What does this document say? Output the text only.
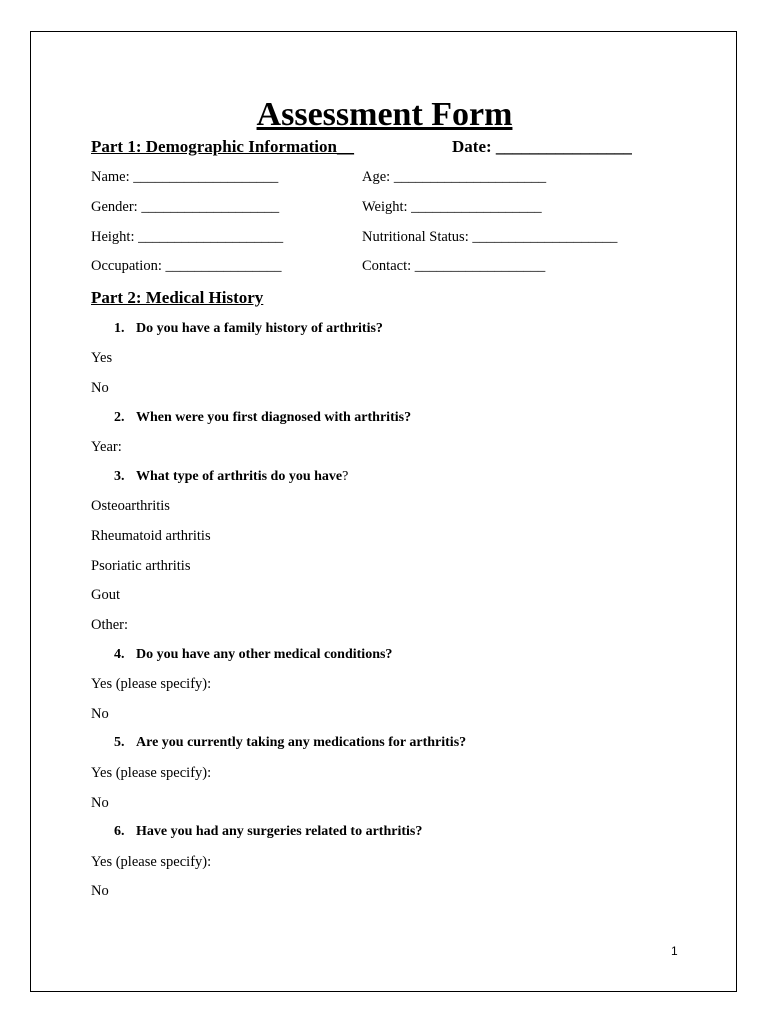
Assessment Form
Part 1: Demographic Information__	Date: ________________
Name: ____________________	Age: _____________________
Gender: ___________________	Weight: __________________
Height: ____________________	Nutritional Status: ____________________
Occupation: ________________	Contact: __________________
Part 2: Medical History
1. Do you have a family history of arthritis?
Yes
No
2. When were you first diagnosed with arthritis?
Year:
3. What type of arthritis do you have?
Osteoarthritis
Rheumatoid arthritis
Psoriatic arthritis
Gout
Other:
4. Do you have any other medical conditions?
Yes (please specify):
No
5. Are you currently taking any medications for arthritis?
Yes (please specify):
No
6. Have you had any surgeries related to arthritis?
Yes (please specify):
No
1
